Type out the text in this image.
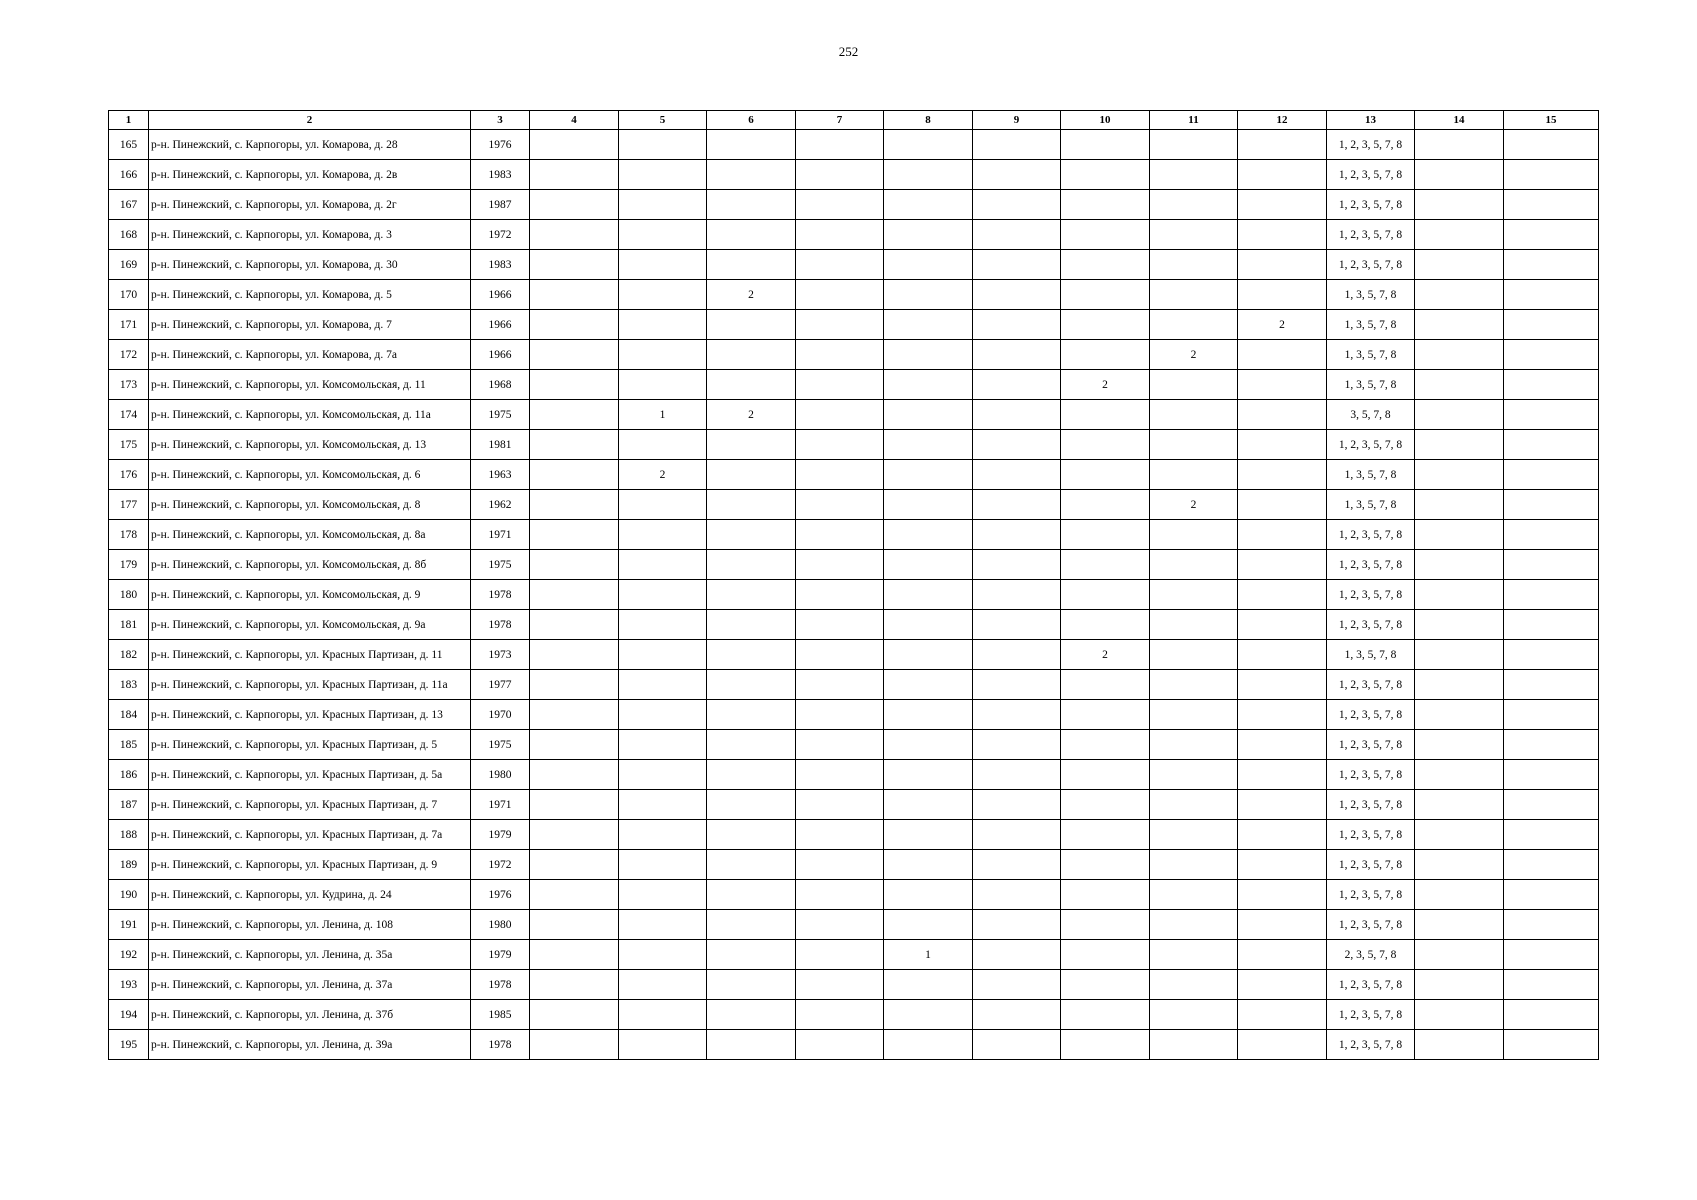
252
1	2	3	4	5	6	7	8	9	10	11	12	13	14	15
165	р-н. Пинежский, с. Карпогоры, ул. Комарова, д. 28	1976										1, 2, 3, 5, 7, 8		
166	р-н. Пинежский, с. Карпогоры, ул. Комарова, д. 2в	1983										1, 2, 3, 5, 7, 8		
167	р-н. Пинежский, с. Карпогоры, ул. Комарова, д. 2г	1987										1, 2, 3, 5, 7, 8		
168	р-н. Пинежский, с. Карпогоры, ул. Комарова, д. 3	1972										1, 2, 3, 5, 7, 8		
169	р-н. Пинежский, с. Карпогоры, ул. Комарова, д. 30	1983										1, 2, 3, 5, 7, 8		
170	р-н. Пинежский, с. Карпогоры, ул. Комарова, д. 5	1966			2							1, 3, 5, 7, 8		
171	р-н. Пинежский, с. Карпогоры, ул. Комарова, д. 7	1966									2	1, 3, 5, 7, 8		
172	р-н. Пинежский, с. Карпогоры, ул. Комарова, д. 7а	1966								2		1, 3, 5, 7, 8		
173	р-н. Пинежский, с. Карпогоры, ул. Комсомольская, д. 11	1968							2			1, 3, 5, 7, 8		
174	р-н. Пинежский, с. Карпогоры, ул. Комсомольская, д. 11а	1975		1	2							3, 5, 7, 8		
175	р-н. Пинежский, с. Карпогоры, ул. Комсомольская, д. 13	1981										1, 2, 3, 5, 7, 8		
176	р-н. Пинежский, с. Карпогоры, ул. Комсомольская, д. 6	1963		2								1, 3, 5, 7, 8		
177	р-н. Пинежский, с. Карпогоры, ул. Комсомольская, д. 8	1962								2		1, 3, 5, 7, 8		
178	р-н. Пинежский, с. Карпогоры, ул. Комсомольская, д. 8а	1971										1, 2, 3, 5, 7, 8		
179	р-н. Пинежский, с. Карпогоры, ул. Комсомольская, д. 8б	1975										1, 2, 3, 5, 7, 8		
180	р-н. Пинежский, с. Карпогоры, ул. Комсомольская, д. 9	1978										1, 2, 3, 5, 7, 8		
181	р-н. Пинежский, с. Карпогоры, ул. Комсомольская, д. 9а	1978										1, 2, 3, 5, 7, 8		
182	р-н. Пинежский, с. Карпогоры, ул. Красных Партизан, д. 11	1973							2			1, 3, 5, 7, 8		
183	р-н. Пинежский, с. Карпогоры, ул. Красных Партизан, д. 11а	1977										1, 2, 3, 5, 7, 8		
184	р-н. Пинежский, с. Карпогоры, ул. Красных Партизан, д. 13	1970										1, 2, 3, 5, 7, 8		
185	р-н. Пинежский, с. Карпогоры, ул. Красных Партизан, д. 5	1975										1, 2, 3, 5, 7, 8		
186	р-н. Пинежский, с. Карпогоры, ул. Красных Партизан, д. 5а	1980										1, 2, 3, 5, 7, 8		
187	р-н. Пинежский, с. Карпогоры, ул. Красных Партизан, д. 7	1971										1, 2, 3, 5, 7, 8		
188	р-н. Пинежский, с. Карпогоры, ул. Красных Партизан, д. 7а	1979										1, 2, 3, 5, 7, 8		
189	р-н. Пинежский, с. Карпогоры, ул. Красных Партизан, д. 9	1972										1, 2, 3, 5, 7, 8		
190	р-н. Пинежский, с. Карпогоры, ул. Кудрина, д. 24	1976										1, 2, 3, 5, 7, 8		
191	р-н. Пинежский, с. Карпогоры, ул. Ленина, д. 108	1980										1, 2, 3, 5, 7, 8		
192	р-н. Пинежский, с. Карпогоры, ул. Ленина, д. 35а	1979					1					2, 3, 5, 7, 8		
193	р-н. Пинежский, с. Карпогоры, ул. Ленина, д. 37а	1978										1, 2, 3, 5, 7, 8		
194	р-н. Пинежский, с. Карпогоры, ул. Ленина, д. 37б	1985										1, 2, 3, 5, 7, 8		
195	р-н. Пинежский, с. Карпогоры, ул. Ленина, д. 39а	1978										1, 2, 3, 5, 7, 8		
